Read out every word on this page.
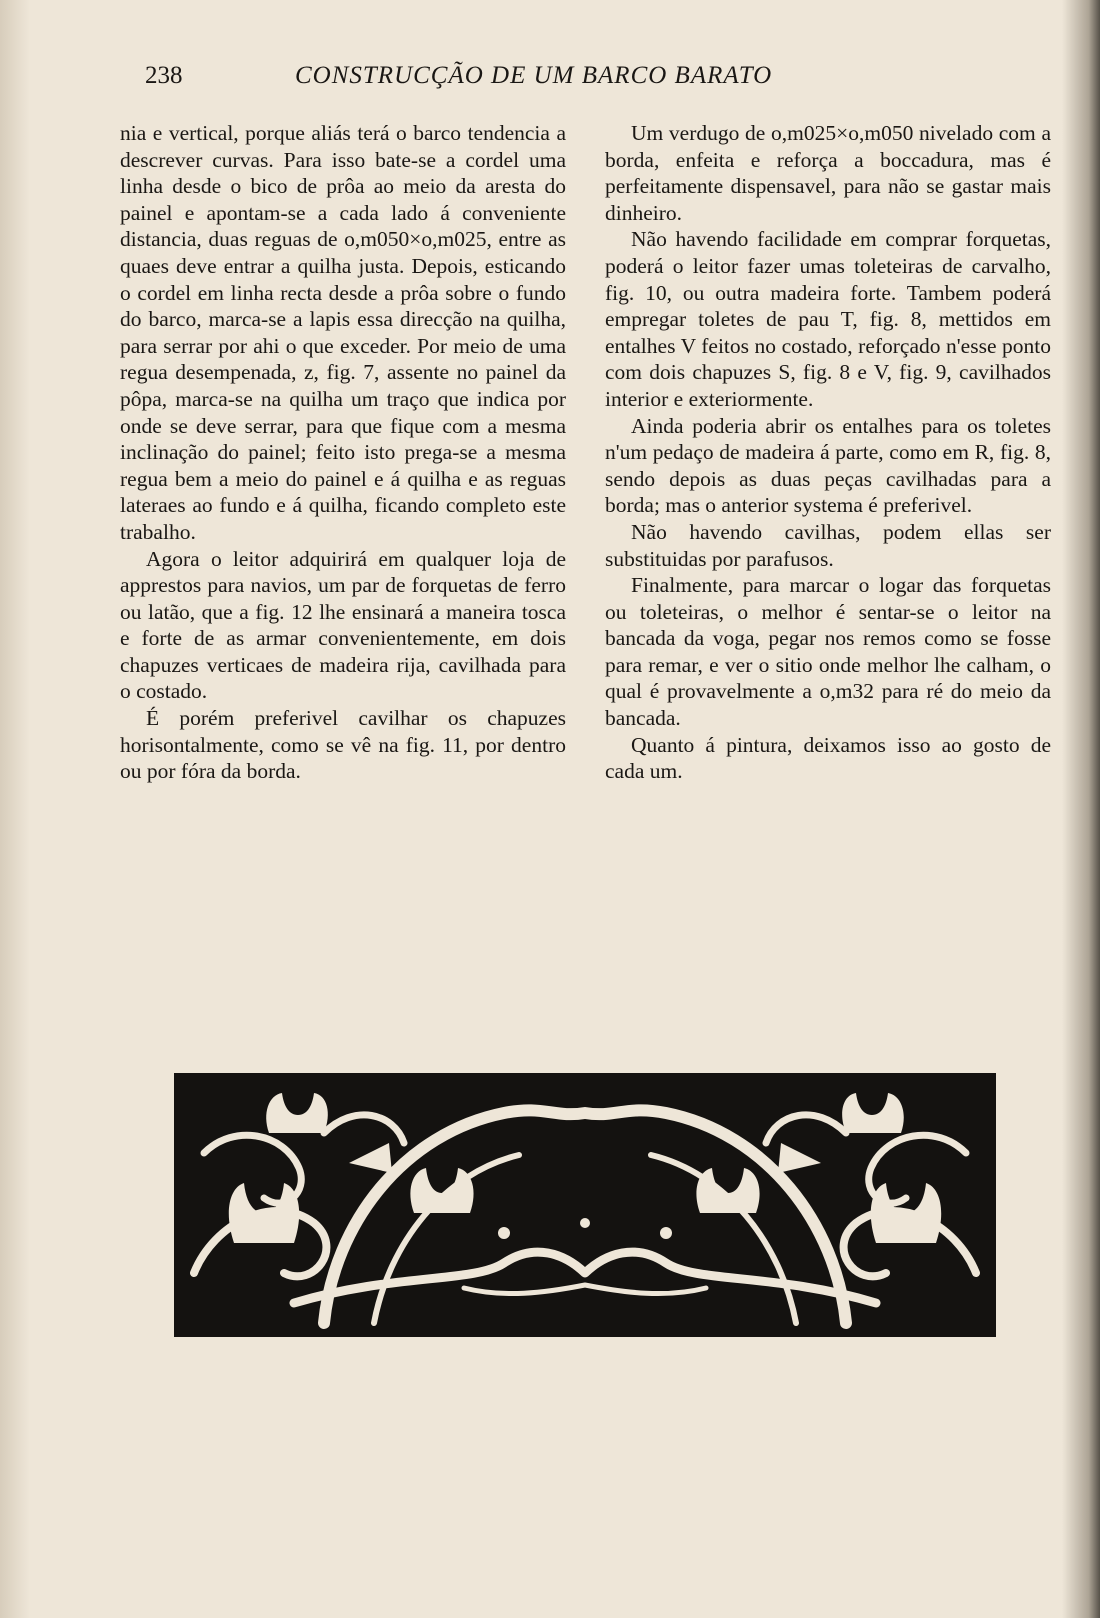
238	CONSTRUCÇÃO DE UM BARCO BARATO

nia e vertical, porque aliás terá o barco tendencia a descrever curvas. Para isso bate-se a cordel uma linha desde o bico de prôa ao meio da aresta do painel e apontam-se a cada lado á conveniente distancia, duas reguas de o,m050×o,m025, entre as quaes deve entrar a quilha justa. Depois, esticando o cordel em linha recta desde a prôa sobre o fundo do barco, marca-se a lapis essa direcção na quilha, para serrar por ahi o que exceder. Por meio de uma regua desempenada, z, fig. 7, assente no painel da pôpa, marca-se na quilha um traço que indica por onde se deve serrar, para que fique com a mesma inclinação do painel; feito isto prega-se a mesma regua bem a meio do painel e á quilha e as reguas lateraes ao fundo e á quilha, ficando completo este trabalho.

Agora o leitor adquirirá em qualquer loja de apprestos para navios, um par de forquetas de ferro ou latão, que a fig. 12 lhe ensinará a maneira tosca e forte de as armar convenientemente, em dois chapuzes verticaes de madeira rija, cavilhada para o costado.

É porém preferivel cavilhar os chapuzes horisontalmente, como se vê na fig. 11, por dentro ou por fóra da borda.

Um verdugo de o,m025×o,m050 nivelado com a borda, enfeita e reforça a boccadura, mas é perfeitamente dispensavel, para não se gastar mais dinheiro.

Não havendo facilidade em comprar forquetas, poderá o leitor fazer umas toleteiras de carvalho, fig. 10, ou outra madeira forte. Tambem poderá empregar toletes de pau T, fig. 8, mettidos em entalhes V feitos no costado, reforçado n'esse ponto com dois chapuzes S, fig. 8 e V, fig. 9, cavilhados interior e exteriormente.

Ainda poderia abrir os entalhes para os toletes n'um pedaço de madeira á parte, como em R, fig. 8, sendo depois as duas peças cavilhadas para a borda; mas o anterior systema é preferivel.

Não havendo cavilhas, podem ellas ser substituidas por parafusos.

Finalmente, para marcar o logar das forquetas ou toleteiras, o melhor é sentar-se o leitor na bancada da voga, pegar nos remos como se fosse para remar, e ver o sitio onde melhor lhe calham, o qual é provavelmente a o,m32 para ré do meio da bancada.

Quanto á pintura, deixamos isso ao gosto de cada um.
